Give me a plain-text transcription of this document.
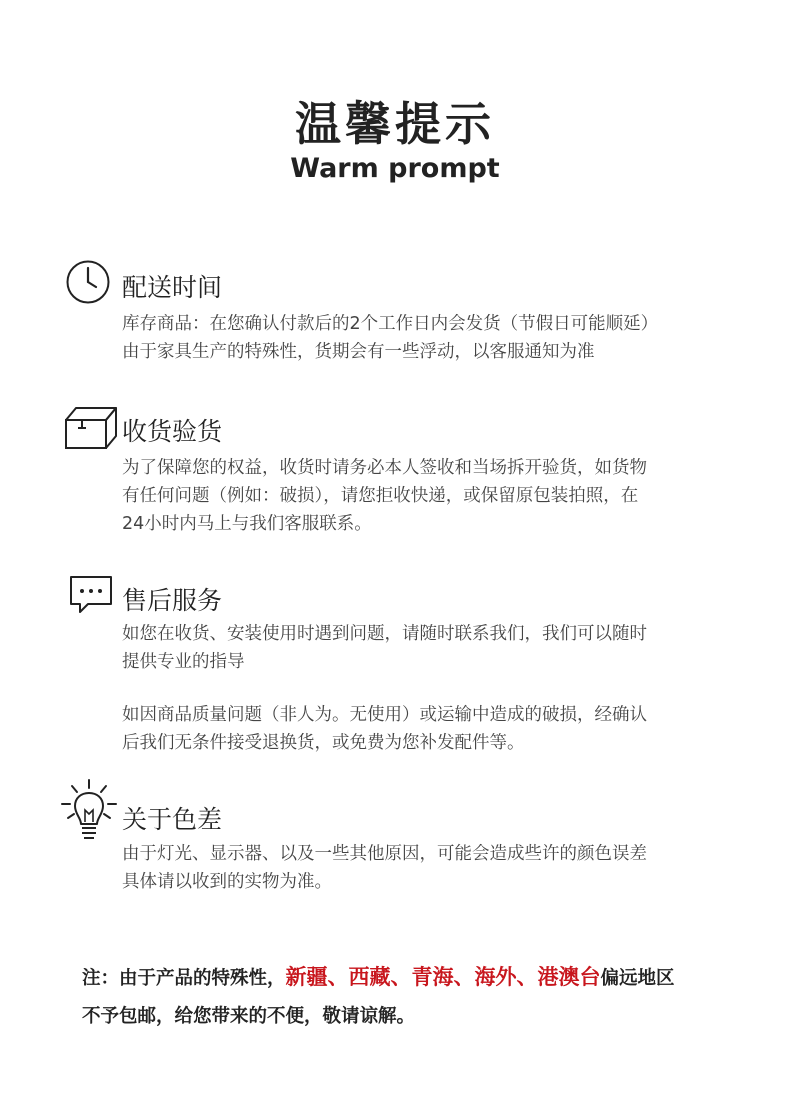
温馨提示
Warm prompt
配送时间

库存商品：在您确认付款后的2个工作日内会发货（节假日可能顺延）

由于家具生产的特殊性，货期会有一些浮动，以客服通知为准

收货验货

为了保障您的权益，收货时请务必本人签收和当场拆开验货，如货物

有任何问题（例如：破损），请您拒收快递，或保留原包装拍照，在

24小时内马上与我们客服联系。

售后服务

如您在收货、安装使用时遇到问题，请随时联系我们，我们可以随时

提供专业的指导

如因商品质量问题（非人为。无使用）或运输中造成的破损，经确认

后我们无条件接受退换货，或免费为您补发配件等。

关于色差

由于灯光、显示器、以及一些其他原因，可能会造成些许的颜色误差

具体请以收到的实物为准。

注：由于产品的特殊性，新疆、西藏、青海、海外、港澳台偏远地区
不予包邮，给您带来的不便，敬请谅解。
